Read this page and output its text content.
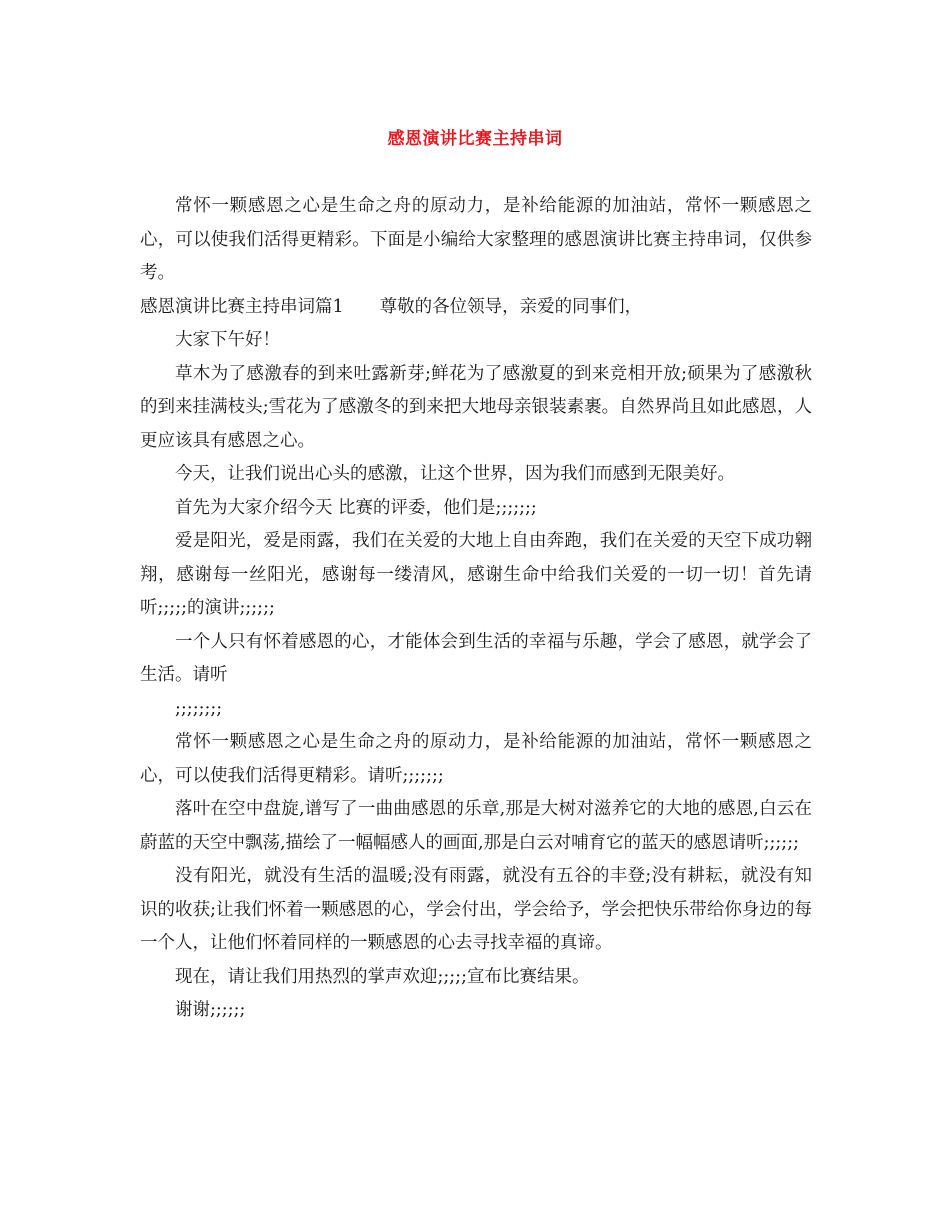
感恩演讲比赛主持串词

常怀一颗感恩之心是生命之舟的原动力，是补给能源的加油站，常怀一颗感恩之心，可以使我们活得更精彩。下面是小编给大家整理的感恩演讲比赛主持串词，仅供参考。

感恩演讲比赛主持串词篇1 尊敬的各位领导，亲爱的同事们，

大家下午好！

草木为了感激春的到来吐露新芽;鲜花为了感激夏的到来竞相开放;硕果为了感激秋的到来挂满枝头;雪花为了感激冬的到来把大地母亲银装素裹。自然界尚且如此感恩，人更应该具有感恩之心。

今天，让我们说出心头的感激，让这个世界，因为我们而感到无限美好。

首先为大家介绍今天 比赛的评委，他们是;;;;;;;

爱是阳光，爱是雨露，我们在关爱的大地上自由奔跑，我们在关爱的天空下成功翱翔，感谢每一丝阳光，感谢每一缕清风，感谢生命中给我们关爱的一切一切！首先请听;;;;;的演讲;;;;;;

一个人只有怀着感恩的心，才能体会到生活的幸福与乐趣，学会了感恩，就学会了生活。请听

;;;;;;;;

常怀一颗感恩之心是生命之舟的原动力，是补给能源的加油站，常怀一颗感恩之心，可以使我们活得更精彩。请听;;;;;;;

落叶在空中盘旋,谱写了一曲曲感恩的乐章,那是大树对滋养它的大地的感恩,白云在蔚蓝的天空中飘荡,描绘了一幅幅感人的画面,那是白云对哺育它的蓝天的感恩请听;;;;;;

没有阳光，就没有生活的温暖;没有雨露，就没有五谷的丰登;没有耕耘，就没有知识的收获;让我们怀着一颗感恩的心，学会付出，学会给予，学会把快乐带给你身边的每一个人，让他们怀着同样的一颗感恩的心去寻找幸福的真谛。

现在，请让我们用热烈的掌声欢迎;;;;;宣布比赛结果。

谢谢;;;;;;
